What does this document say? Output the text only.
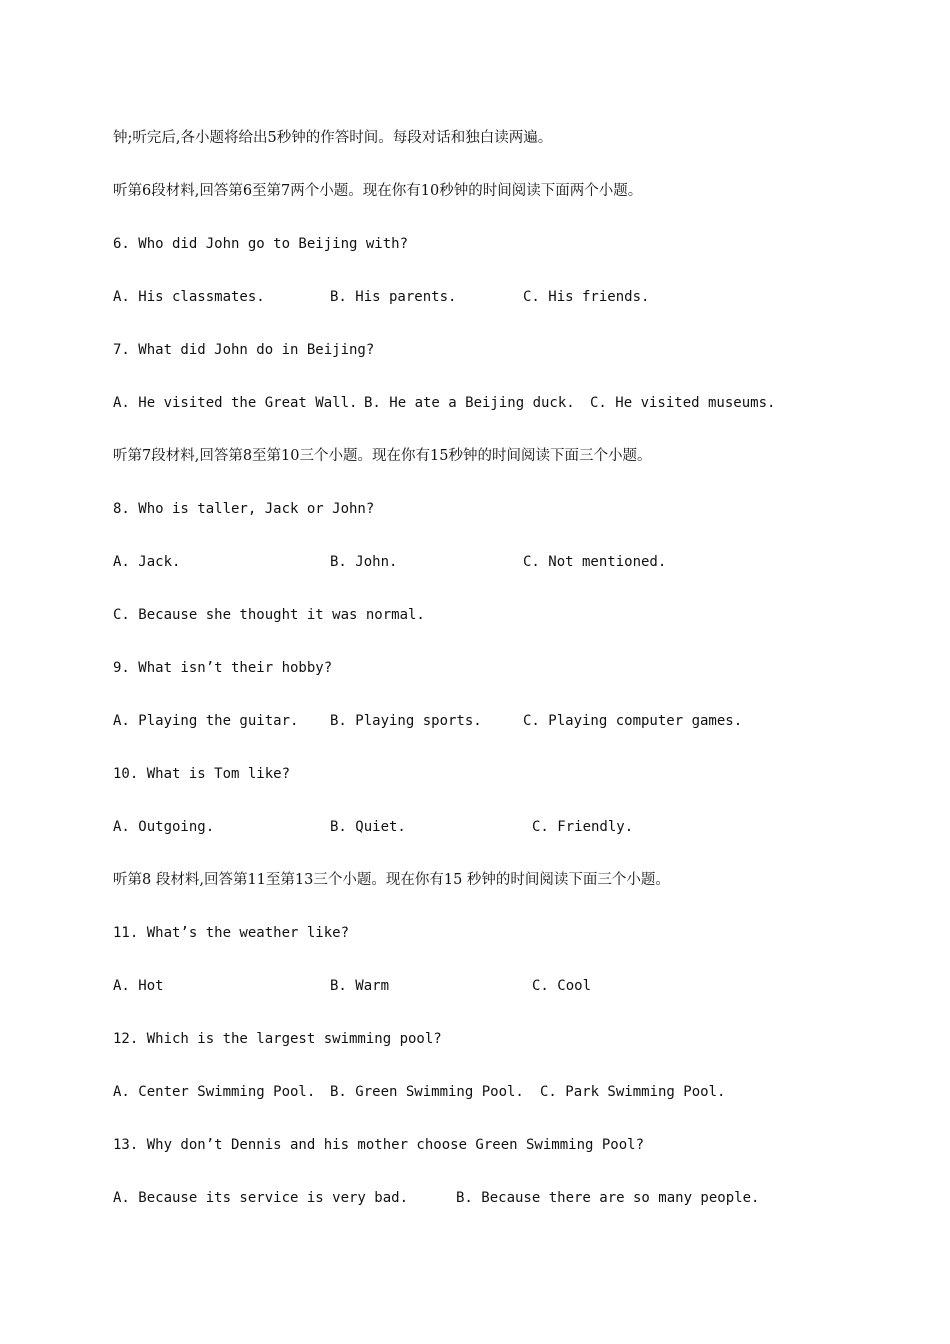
钟;听完后,各小题将给出5秒钟的作答时间。每段对话和独白读两遍。
听第6段材料,回答第6至第7两个小题。现在你有10秒钟的时间阅读下面两个小题。
6. Who did John go to Beijing with?
A. His classmates.	B. His parents.	C. His friends.
7. What did John do in Beijing?
A. He visited the Great Wall. B. He ate a Beijing duck. C. He visited museums.
听第7段材料,回答第8至第10三个小题。现在你有15秒钟的时间阅读下面三个小题。
8. Who is taller, Jack or John?
A. Jack.	B. John.	C. Not mentioned.
C. Because she thought it was normal.
9. What isn’t their hobby?
A. Playing the guitar. B. Playing sports.	C. Playing computer games.
10. What is Tom like?
A. Outgoing.	B. Quiet.	C. Friendly.
听第8 段材料,回答第11至第13三个小题。现在你有15 秒钟的时间阅读下面三个小题。
11. What’s the weather like?
A. Hot	B. Warm	C. Cool
12. Which is the largest swimming pool?
A. Center Swimming Pool. B. Green Swimming Pool. C. Park Swimming Pool.
13. Why don’t Dennis and his mother choose Green Swimming Pool?
A. Because its service is very bad.	B. Because there are so many people.
